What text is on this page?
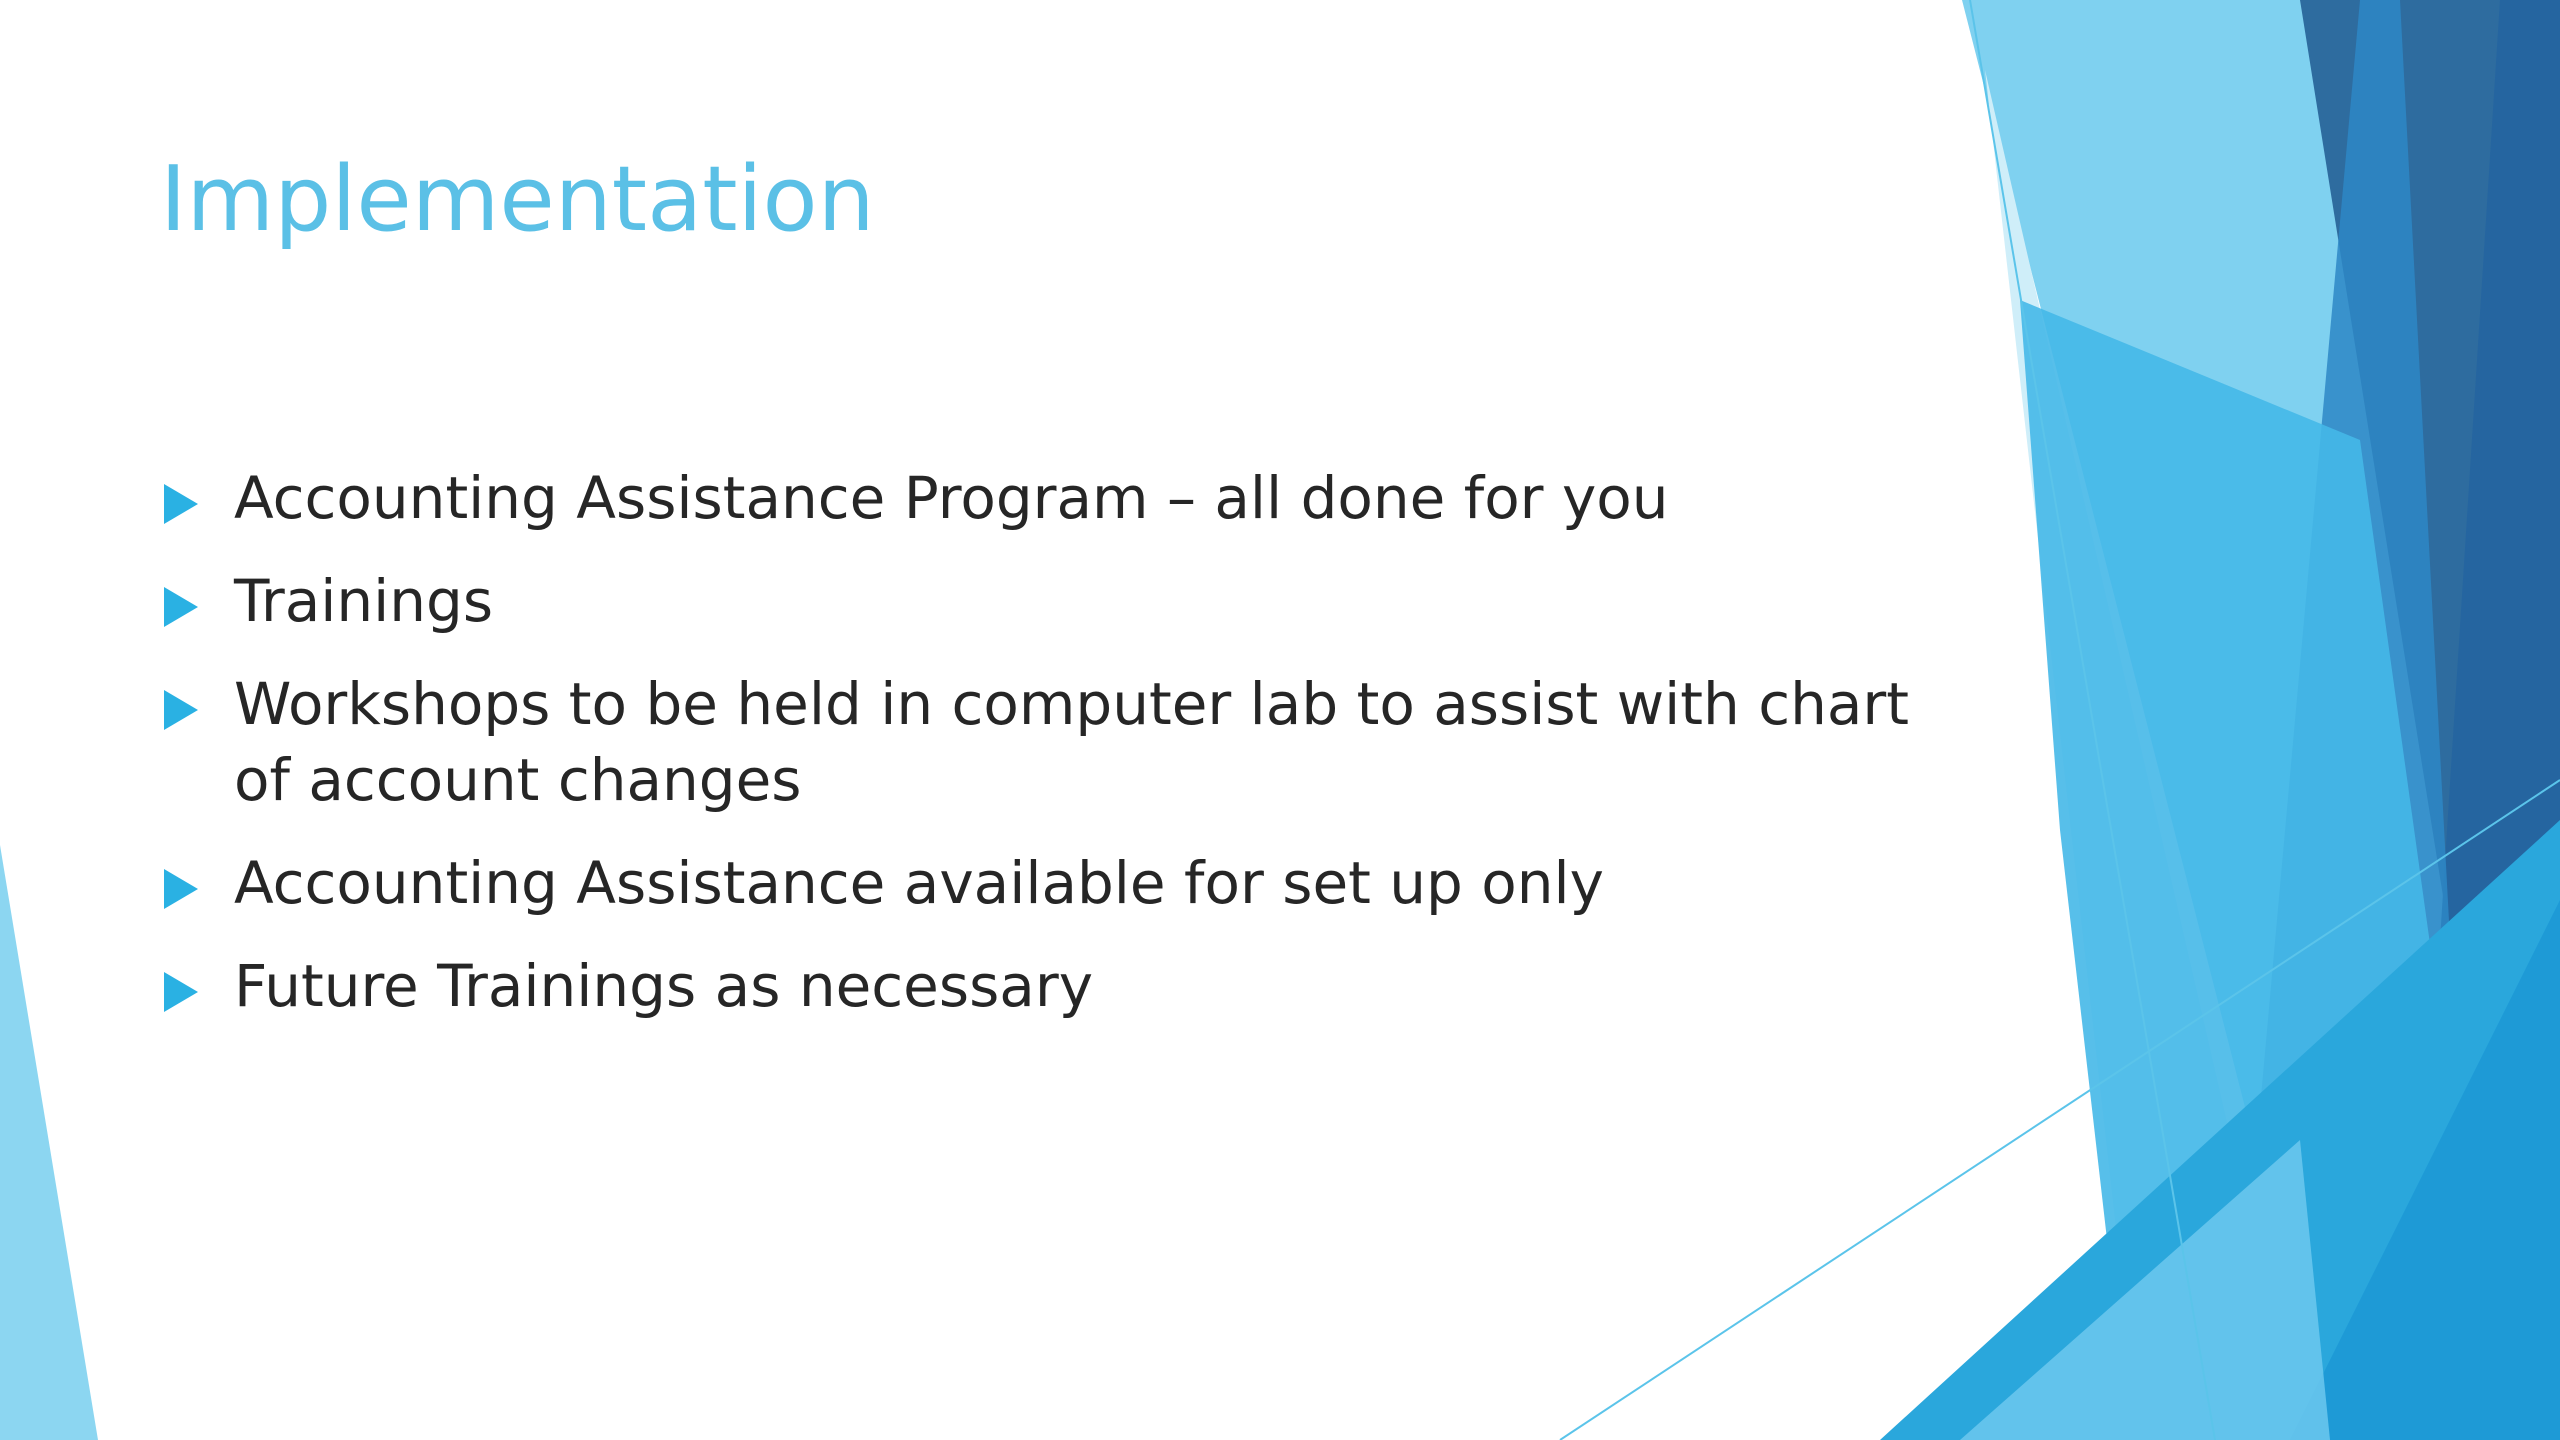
Implementation
Accounting Assistance Program – all done for you
Trainings
Workshops to be held in computer lab to assist with chart of account changes
Accounting Assistance available for set up only
Future Trainings as necessary
